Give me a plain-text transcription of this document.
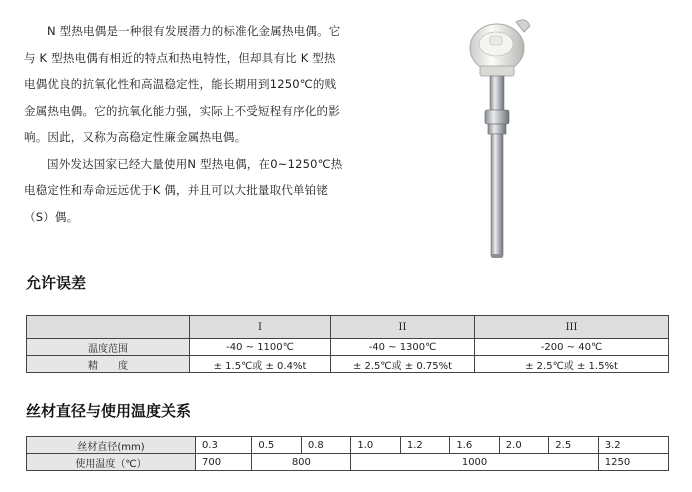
N 型热电偶是一种很有发展潜力的标准化金属热电偶。它与 K 型热电偶有相近的特点和热电特性，但却具有比 K 型热电偶优良的抗氧化性和高温稳定性，能长期用到1250℃的贱金属热电偶。它的抗氧化能力强，实际上不受短程有序化的影响。因此，又称为高稳定性廉金属热电偶。

国外发达国家已经大量使用N 型热电偶，在0~1250℃热电稳定性和寿命远远优于K 偶，并且可以大批量取代单铂铑（S）偶。

允许误差
	I	II	III
温度范围	-40 ~ 1100℃	-40 ~ 1300℃	-200 ~ 40℃
精　　度	± 1.5℃或 ± 0.4%t	± 2.5℃或 ± 0.75%t	± 2.5℃或 ± 1.5%t
丝材直径与使用温度关系
丝材直径(mm)	0.3	0.5	0.8	1.0	1.2	1.6	2.0	2.5	3.2
使用温度（℃）	700	800		1000					1250
